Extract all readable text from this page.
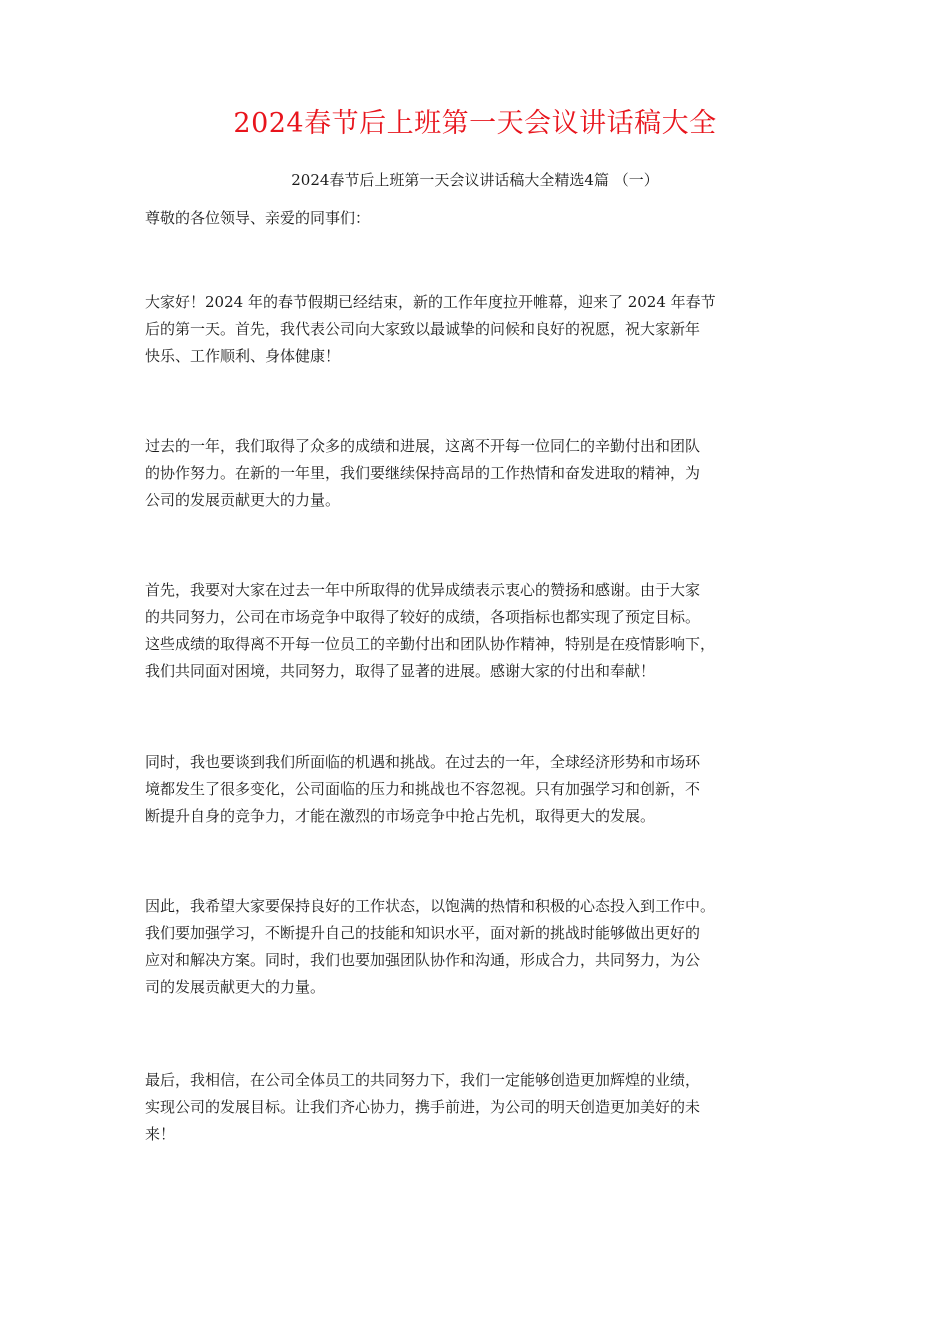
2024春节后上班第一天会议讲话稿大全

2024春节后上班第一天会议讲话稿大全精选4篇 （一）

尊敬的各位领导、亲爱的同事们：

大家好！2024 年的春节假期已经结束，新的工作年度拉开帷幕，迎来了 2024 年春节
后的第一天。首先，我代表公司向大家致以最诚挚的问候和良好的祝愿，祝大家新年
快乐、工作顺利、身体健康！
过去的一年，我们取得了众多的成绩和进展，这离不开每一位同仁的辛勤付出和团队
的协作努力。在新的一年里，我们要继续保持高昂的工作热情和奋发进取的精神，为
公司的发展贡献更大的力量。
首先，我要对大家在过去一年中所取得的优异成绩表示衷心的赞扬和感谢。由于大家
的共同努力，公司在市场竞争中取得了较好的成绩，各项指标也都实现了预定目标。
这些成绩的取得离不开每一位员工的辛勤付出和团队协作精神，特别是在疫情影响下，
我们共同面对困境，共同努力，取得了显著的进展。感谢大家的付出和奉献！
同时，我也要谈到我们所面临的机遇和挑战。在过去的一年，全球经济形势和市场环
境都发生了很多变化，公司面临的压力和挑战也不容忽视。只有加强学习和创新，不
断提升自身的竞争力，才能在激烈的市场竞争中抢占先机，取得更大的发展。
因此，我希望大家要保持良好的工作状态，以饱满的热情和积极的心态投入到工作中。
我们要加强学习，不断提升自己的技能和知识水平，面对新的挑战时能够做出更好的
应对和解决方案。同时，我们也要加强团队协作和沟通，形成合力，共同努力，为公
司的发展贡献更大的力量。
最后，我相信，在公司全体员工的共同努力下，我们一定能够创造更加辉煌的业绩，
实现公司的发展目标。让我们齐心协力，携手前进，为公司的明天创造更加美好的未
来！
